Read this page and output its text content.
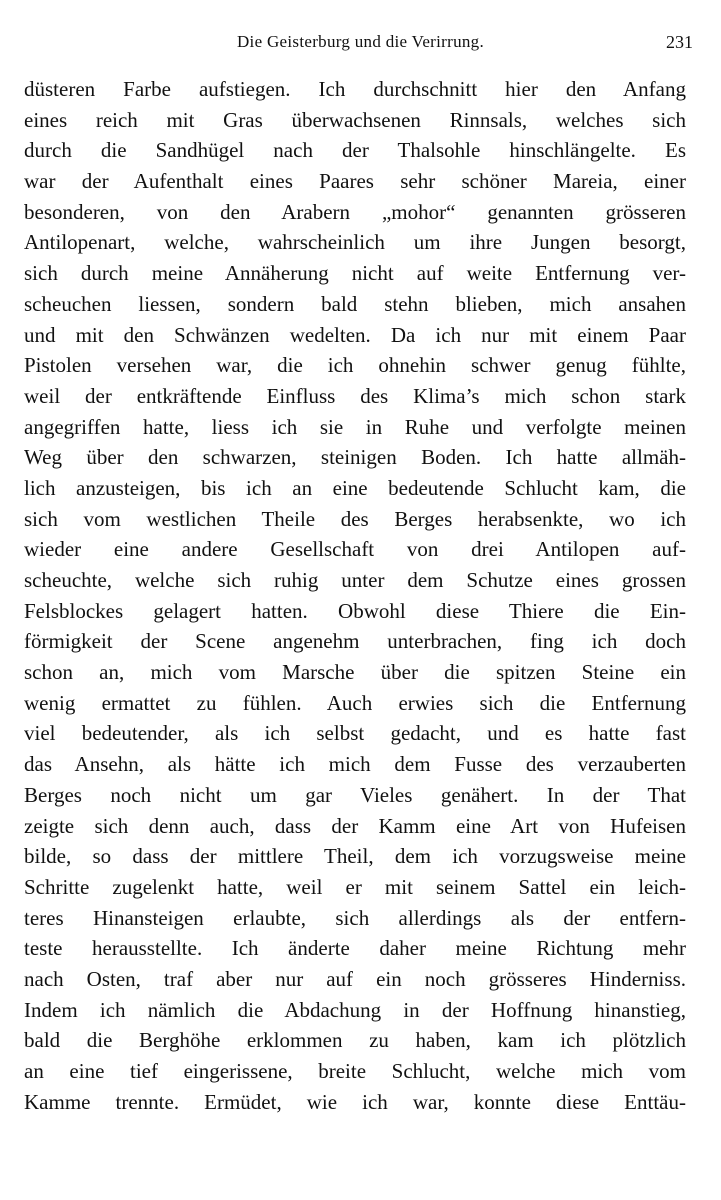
Die Geisterburg und die Verirrung.	231
düsteren Farbe aufstiegen. Ich durchschnitt hier den Anfang
eines reich mit Gras überwachsenen Rinnsals, welches sich
durch die Sandhügel nach der Thalsohle hinschlängelte. Es
war der Aufenthalt eines Paares sehr schöner Mareia, einer
besonderen, von den Arabern „mohor“ genannten grösseren
Antilopenart, welche, wahrscheinlich um ihre Jungen besorgt,
sich durch meine Annäherung nicht auf weite Entfernung ver-
scheuchen liessen, sondern bald stehn blieben, mich ansahen
und mit den Schwänzen wedelten. Da ich nur mit einem Paar
Pistolen versehen war, die ich ohnehin schwer genug fühlte,
weil der entkräftende Einfluss des Klima’s mich schon stark
angegriffen hatte, liess ich sie in Ruhe und verfolgte meinen
Weg über den schwarzen, steinigen Boden. Ich hatte allmäh-
lich anzusteigen, bis ich an eine bedeutende Schlucht kam, die
sich vom westlichen Theile des Berges herabsenkte, wo ich
wieder eine andere Gesellschaft von drei Antilopen auf-
scheuchte, welche sich ruhig unter dem Schutze eines grossen
Felsblockes gelagert hatten. Obwohl diese Thiere die Ein-
förmigkeit der Scene angenehm unterbrachen, fing ich doch
schon an, mich vom Marsche über die spitzen Steine ein
wenig ermattet zu fühlen. Auch erwies sich die Entfernung
viel bedeutender, als ich selbst gedacht, und es hatte fast
das Ansehn, als hätte ich mich dem Fusse des verzauberten
Berges noch nicht um gar Vieles genähert. In der That
zeigte sich denn auch, dass der Kamm eine Art von Hufeisen
bilde, so dass der mittlere Theil, dem ich vorzugsweise meine
Schritte zugelenkt hatte, weil er mit seinem Sattel ein leich-
teres Hinansteigen erlaubte, sich allerdings als der entfern-
teste herausstellte. Ich änderte daher meine Richtung mehr
nach Osten, traf aber nur auf ein noch grösseres Hinderniss.
Indem ich nämlich die Abdachung in der Hoffnung hinanstieg,
bald die Berghöhe erklommen zu haben, kam ich plötzlich
an eine tief eingerissene, breite Schlucht, welche mich vom
Kamme trennte. Ermüdet, wie ich war, konnte diese Enttäu-
